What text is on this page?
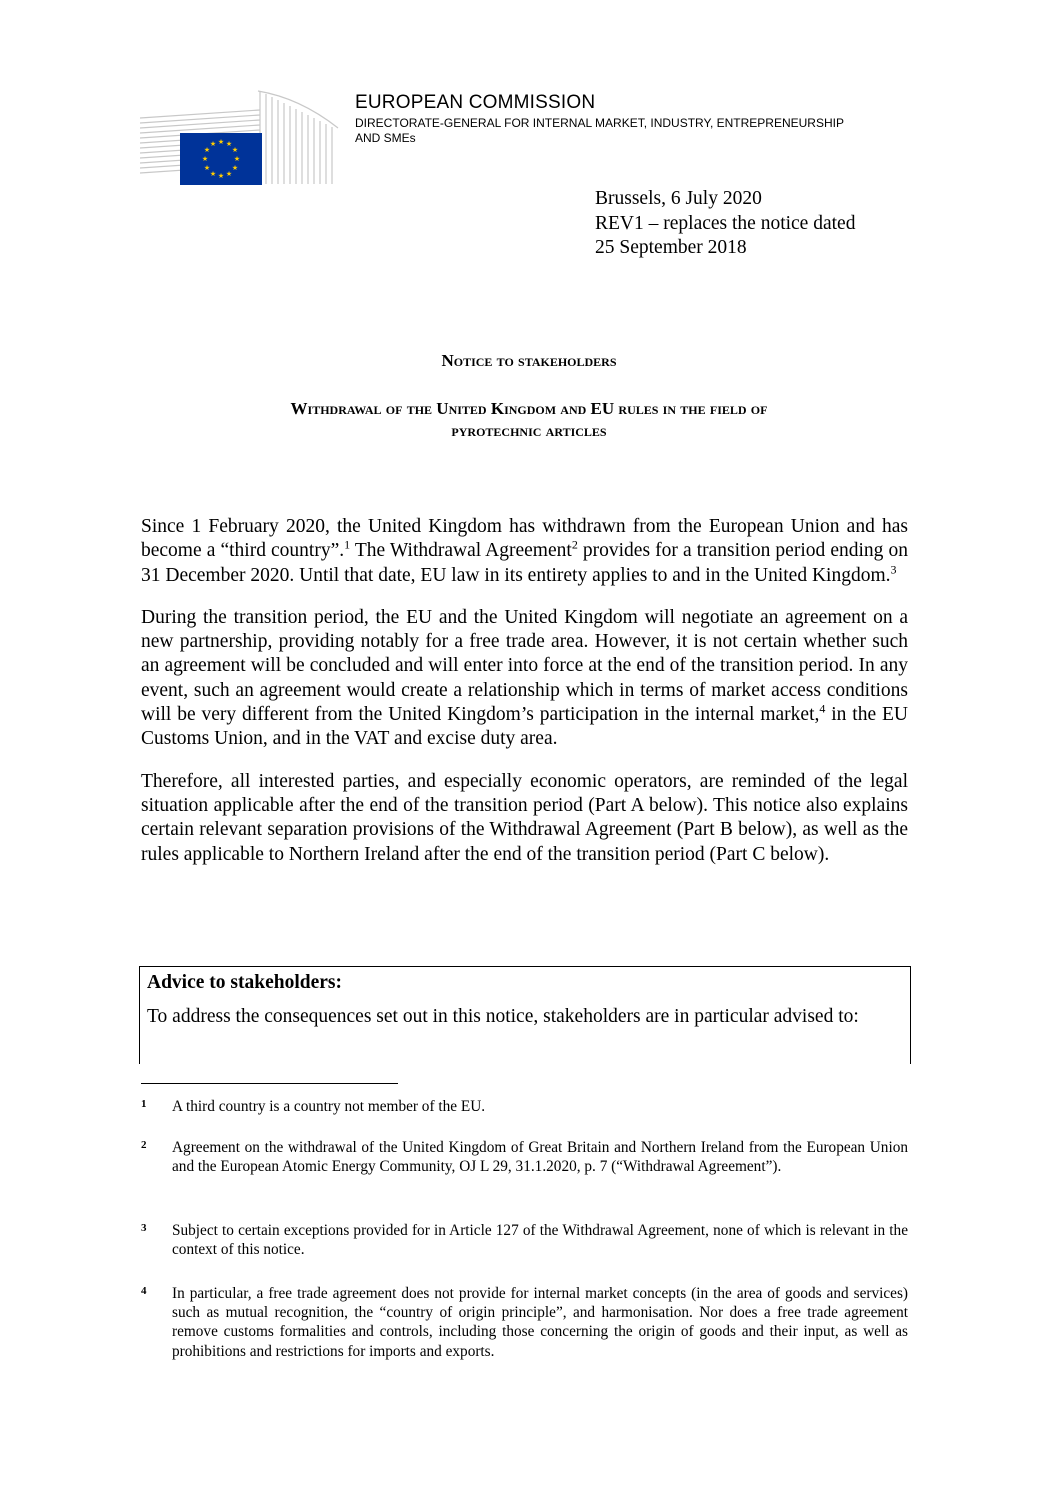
★ ★
★
★
★
★
★
★
★
★
★
★
EUROPEAN COMMISSION
DIRECTORATE-GENERAL FOR INTERNAL MARKET, INDUSTRY, ENTREPRENEURSHIP
AND SMEs
Brussels, 6 July 2020
REV1 – replaces the notice dated
25 September 2018
Notice to stakeholders
Withdrawal of the United Kingdom and EU rules in the field of
pyrotechnic articles

Since 1 February 2020, the United Kingdom has withdrawn from the European Union and has become a “third country”.$^1$ The Withdrawal Agreement$^2$ provides for a transition period ending on 31 December 2020. Until that date, EU law in its entirety applies to and in the United Kingdom.$^3$

During the transition period, the EU and the United Kingdom will negotiate an agreement on a new partnership, providing notably for a free trade area. However, it is not certain whether such an agreement will be concluded and will enter into force at the end of the transition period. In any event, such an agreement would create a relationship which in terms of market access conditions will be very different from the United Kingdom’s participation in the internal market,$^4$ in the EU Customs Union, and in the VAT and excise duty area.

Therefore, all interested parties, and especially economic operators, are reminded of the legal situation applicable after the end of the transition period (Part A below). This notice also explains certain relevant separation provisions of the Withdrawal Agreement (Part B below), as well as the rules applicable to Northern Ireland after the end of the transition period (Part C below).

Advice to stakeholders:

To address the consequences set out in this notice, stakeholders are in particular advised to:

1 A third country is a country not member of the EU.
2 Agreement on the withdrawal of the United Kingdom of Great Britain and Northern Ireland from the European Union and the European Atomic Energy Community, OJ L 29, 31.1.2020, p. 7 (“Withdrawal Agreement”).
3 Subject to certain exceptions provided for in Article 127 of the Withdrawal Agreement, none of which is relevant in the context of this notice.
4 In particular, a free trade agreement does not provide for internal market concepts (in the area of goods and services) such as mutual recognition, the “country of origin principle”, and harmonisation. Nor does a free trade agreement remove customs formalities and controls, including those concerning the origin of goods and their input, as well as prohibitions and restrictions for imports and exports.
